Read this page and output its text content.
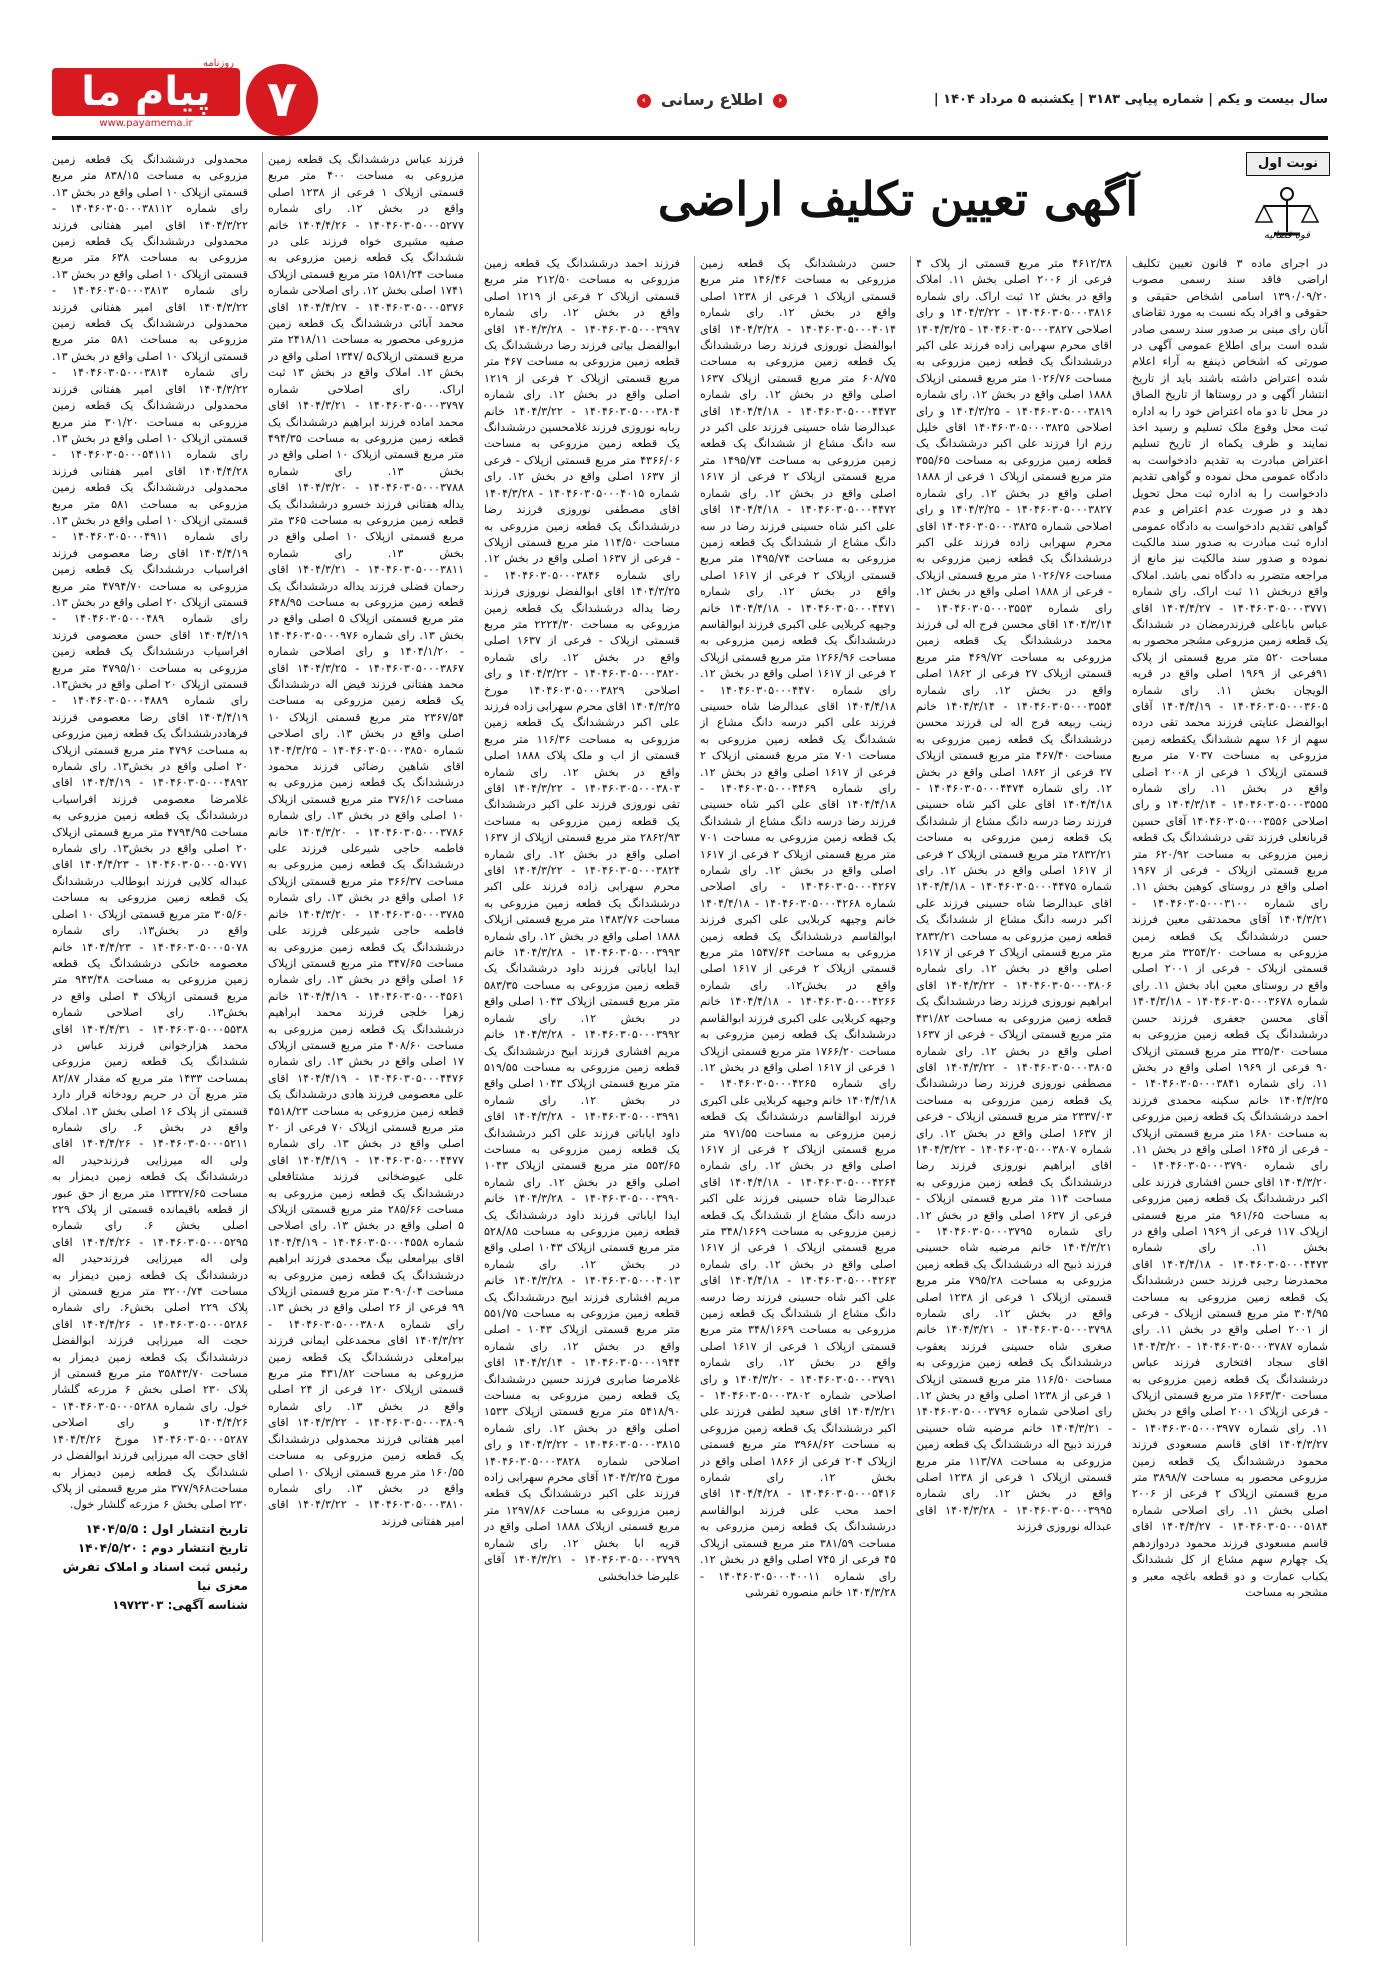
پیام ما
روزنامه
www.payamema.ir	۷	‹ اطلاع رسانی ›	سال بیست و یکم | شماره پیاپی ۳۱۸۳ | یکشنبه ۵ مرداد ۱۴۰۴ |
نوبت اول
قوه قضائیه
آگهی تعیین تکلیف اراضی

در اجرای ماده ۳ قانون تعیین تکلیف اراضی فاقد سند رسمی مصوب ۱۳۹۰/۰۹/۲۰ اسامی اشخاص حقیقی و حقوقی و افراد یکه نسبت به مورد تقاضای آنان رای مبنی بر صدور سند رسمی صادر شده است برای اطلاع عمومی آگهی در صورتی که اشخاص ذینفع به آراء اعلام شده اعتراض داشته باشند باید از تاریخ انتشار آگهی و در روستاها از تاریخ الصاق در محل تا دو ماه اعتراض خود را به اداره ثبت محل وقوع ملک تسلیم و رسید اخذ نمایند و ظرف یکماه از تاریخ تسلیم اعتراض مبادرت به تقدیم دادخواست به دادگاه عمومی محل نموده و گواهی تقدیم دادخواست را به اداره ثبت محل تحویل دهد و در صورت عدم اعتراض و عدم گواهی تقدیم دادخواست به دادگاه عمومی اداره ثبت مبادرت به صدور سند مالکیت نموده و صدور سند مالکیت نیز مانع از مراجعه متضرر به دادگاه نمی باشد. املاک واقع دربخش ۱۱ ثبت اراک. رای شماره ۱۴۰۴۶۰۳۰۵۰۰۰۳۷۷۱ - ۱۴۰۴/۴/۲۷ اقای عباس باباعلی فرزندرمضان در ششدانگ یک قطعه زمین مزروعی مشجر محصور به مساحت ۵۲۰ متر مربع قسمتی از پلاک ۹۱فرعی از ۱۹۶۹ اصلی واقع در قریه الویجان بخش ۱۱. رای شماره ۱۴۰۴۶۰۳۰۵۰۰۰۳۶۰۵ - ۱۴۰۴/۴/۱۹ آقای ابوالفضل عنایتی فرزند محمد تقی درده سهم از ۱۶ سهم ششدانگ یکقطعه زمین مزروعی به مساحت ۷۰۳۷ متر مربع قسمتی ازپلاک ۱ فرعی از ۲۰۰۸ اصلی واقع در بخش ۱۱. رای شماره ۱۴۰۴۶۰۳۰۵۰۰۰۳۵۵۵ - ۱۴۰۴/۳/۱۴ و رای اصلاحی ۱۴۰۴۶۰۳۰۵۰۰۰۳۵۵۶ آقای حسین قربانعلی فرزند تقی درششدانگ یک قطعه زمین مزروعی به مساحت ۶۲۰/۹۲ متر مربع قسمتی ازپلاک - فرعی از ۱۹۶۷ اصلی واقع در روستای کوهین بخش ۱۱. رای شماره ۱۴۰۴۶۰۳۰۵۰۰۰۳۱۰۰ - ۱۴۰۴/۳/۲۱ آقای محمدتقی معین فرزند حسن درششدانگ یک قطعه زمین مزروعی به مساحت ۳۲۵۴/۲۰ متر مربع قسمتی ازپلاک - فرعی از ۲۰۰۱ اصلی واقع در روستای معین اباد بخش ۱۱. رای شماره ۱۴۰۴۶۰۳۰۵۰۰۰۳۶۷۸ - ۱۴۰۴/۳/۱۸ آقای محسن جعفری فرزند حسن درششدانگ یک قطعه زمین مزروعی به مساحت ۳۲۵/۳۰ متر مربع قسمتی ازپلاک ۹۰ فرعی از ۱۹۶۹ اصلی واقع در بخش ۱۱. رای شماره ۱۴۰۴۶۰۳۰۵۰۰۰۳۸۴۱ - ۱۴۰۴/۳/۲۵ خانم سکینه محمدی فرزند احمد درششدانگ یک قطعه زمین مزروعی به مساحت ۱۶۸۰ متر مربع قسمتی ازپلاک - فرعی از ۱۶۴۵ اصلی واقع در بخش ۱۱. رای شماره ۱۴۰۴۶۰۳۰۵۰۰۰۳۷۹۰ - ۱۴۰۴/۳/۲۰ اقای حسن افشاری فرزند علی اکبر درششدانگ یک قطعه زمین مزروعی به مساحت ۹۶۱/۶۵ متر مربع قسمتی ازپلاک ۱۱۷ فرعی از ۱۹۶۹ اصلی واقع در بخش ۱۱. رای شماره ۱۴۰۴۶۰۳۰۵۰۰۰۴۴۷۳ - ۱۴۰۴/۴/۱۸ اقای محمدرضا رجبی فرزند حسن درششدانگ یک قطعه زمین مزروعی به مساحت ۳۰۴/۹۵ متر مربع قسمتی ازپلاک - فرعی از ۲۰۰۱ اصلی واقع در بخش ۱۱. رای شماره ۱۴۰۴۶۰۳۰۵۰۰۰۳۷۸۷ - ۱۴۰۴/۳/۲۰ اقای سجاد افتخاری فرزند عباس درششدانگ یک قطعه زمین مزروعی به مساحت ۱۶۶۳/۳۰ متر مربع قسمتی ازپلاک - فرعی ازپلاک ۲۰۰۱ اصلی واقع در بخش ۱۱. رای شماره ۱۴۰۴۶۰۳۰۵۰۰۰۳۹۷۷ - ۱۴۰۴/۳/۲۷ اقای قاسم مسعودی فرزند محمود درششدانگ یک قطعه زمین مزروعی محصور به مساحت ۳۸۹۸/۷ متر مربع قسمتی ازپلاک ۲ فرعی از ۲۰۰۶ اصلی بخش ۱۱. رای اصلاحی شماره ۱۴۰۴۶۰۳۰۵۰۰۰۵۱۸۴ - ۱۴۰۴/۴/۲۷ اقای قاسم مسعودی فرزند محمود دردوازدهم یک چهارم سهم مشاع از کل ششدانگ یکباب عمارت و دو قطعه باغچه معبر و مشجر به مساحت

۴۶۱۲/۳۸ متر مربع قسمتی از پلاک ۴ فرعی از ۲۰۰۶ اصلی بخش ۱۱. املاک واقع در بخش ۱۲ ثبت اراک. رای شماره ۱۴۰۴۶۰۳۰۵۰۰۰۳۸۱۶ - ۱۴۰۴/۳/۲۲ و رای اصلاحی ۱۴۰۴۶۰۳۰۵۰۰۰۳۸۲۷ - ۱۴۰۴/۳/۲۵ اقای محرم سهرابی زاده فرزند علی اکبر درششدانگ یک قطعه زمین مزروعی به مساحت ۱۰۲۶/۷۶ متر مربع قسمتی ازپلاک ۱۸۸۸ اصلی واقع در بخش ۱۲. رای شماره ۱۴۰۴۶۰۳۰۵۰۰۰۳۸۱۹ - ۱۴۰۴/۳/۲۵ و رای اصلاحی ۱۴۰۴۶۰۳۰۵۰۰۰۳۸۲۵ اقای خلیل رزم ارا فرزند علی اکبر درششدانگ یک قطعه زمین مزروعی به مساحت ۳۵۵/۶۵ متر مربع قسمتی ازپلاک ۱ فرعی از ۱۸۸۸ اصلی واقع در بخش ۱۲. رای شماره ۱۴۰۴۶۰۳۰۵۰۰۰۳۸۲۷ - ۱۴۰۴/۳/۲۵ و رای اصلاحی شماره ۱۴۰۴۶۰۳۰۵۰۰۰۳۸۲۵ اقای محرم سهرابی زاده فرزند علی اکبر درششدانگ یک قطعه زمین مزروعی به مساحت ۱۰۲۶/۷۶ متر مربع قسمتی ازپلاک - فرعی از ۱۸۸۸ اصلی واقع در بخش ۱۲. رای شماره ۱۴۰۴۶۰۳۰۵۰۰۰۳۵۵۳ - ۱۴۰۴/۳/۱۴ اقای محسن فرج اله لی فرزند محمد درششدانگ یک قطعه زمین مزروعی به مساحت ۴۶۹/۷۲ متر مربع قسمتی ازپلاک ۲۷ فرعی از ۱۸۶۲ اصلی واقع در بخش ۱۲. رای شماره ۱۴۰۴۶۰۳۰۵۰۰۰۳۵۵۴ - ۱۴۰۴/۳/۱۴ خانم زینب ربیعه فرج اله لی فرزند محسن درششدانگ یک قطعه زمین مزروعی به مساحت ۴۶۷/۴۰ متر مربع قسمتی ازپلاک ۲۷ فرعی از ۱۸۶۲ اصلی واقع در بخش ۱۲. رای شماره ۱۴۰۴۶۰۳۰۵۰۰۰۴۴۷۴ - ۱۴۰۴/۴/۱۸ اقای علی اکبر شاه حسینی فرزند رضا درسه دانگ مشاع از ششدانگ یک قطعه زمین مزروعی به مساحت ۲۸۳۲/۲۱ متر مربع قسمتی ازپلاک ۲ فرعی از ۱۶۱۷ اصلی واقع در بخش ۱۲. رای شماره ۱۴۰۴۶۰۳۰۵۰۰۰۴۴۷۵ - ۱۴۰۴/۴/۱۸ اقای عبدالرضا شاه حسینی فرزند علی اکبر درسه دانگ مشاع از ششدانگ یک قطعه زمین مزروعی به مساحت ۲۸۳۲/۲۱ متر مربع قسمتی ازپلاک ۲ فرعی از ۱۶۱۷ اصلی واقع در بخش ۱۲. رای شماره ۱۴۰۴۶۰۳۰۵۰۰۰۳۸۰۶ - ۱۴۰۴/۳/۲۲ اقای ابراهیم نوروزی فرزند رضا درششدانگ یک قطعه زمین مزروعی به مساحت ۴۳۱/۸۲ متر مربع قسمتی ازپلاک - فرعی از ۱۶۳۷ اصلی واقع در بخش ۱۲. رای شماره ۱۴۰۴۶۰۳۰۵۰۰۰۳۸۰۵ - ۱۴۰۴/۳/۲۲ اقای مصطفی نوروزی فرزند رضا درششدانگ یک قطعه زمین مزروعی به مساحت ۲۳۳۷/۰۳ متر مربع قسمتی ازپلاک - فرعی از ۱۶۳۷ اصلی واقع در بخش ۱۲. رای شماره ۱۴۰۴۶۰۳۰۵۰۰۰۳۸۰۷ - ۱۴۰۴/۳/۲۲ اقای ابراهیم نوروزی فرزند رضا درششدانگ یک قطعه زمین مزروعی به مساحت ۱۱۴ متر مربع قسمتی ازپلاک - فرعی از ۱۶۳۷ اصلی واقع در بخش ۱۲. رای شماره ۱۴۰۴۶۰۳۰۵۰۰۰۳۷۹۵ - ۱۴۰۴/۳/۲۱ خانم مرضیه شاه حسینی فرزند ذبیح اله درششدانگ یک قطعه زمین مزروعی به مساحت ۷۹۵/۲۸ متر مربع قسمتی ازپلاک ۱ فرعی از ۱۲۳۸ اصلی واقع در بخش ۱۲. رای شماره ۱۴۰۴۶۰۳۰۵۰۰۰۳۷۹۸ - ۱۴۰۴/۳/۲۱ خانم صغری شاه حسینی فرزند یعقوب درششدانگ یک قطعه زمین مزروعی به مساحت ۱۱۶/۵۰ متر مربع قسمتی ازپلاک ۱ فرعی از ۱۲۳۸ اصلی واقع در بخش ۱۲. رای اصلاحی شماره ۱۴۰۴۶۰۳۰۵۰۰۰۳۷۹۶ - ۱۴۰۴/۳/۲۱ خانم مرضیه شاه حسینی فرزند ذبیح اله درششدانگ یک قطعه زمین مزروعی به مساحت ۱۱۳/۷۸ متر مربع قسمتی ازپلاک ۱ فرعی از ۱۲۳۸ اصلی واقع در بخش ۱۲. رای شماره ۱۴۰۴۶۰۳۰۵۰۰۰۳۹۹۵ - ۱۴۰۴/۳/۲۸ اقای عبداله نوروزی فرزند

حسن درششدانگ یک قطعه زمین مزروعی به مساحت ۱۴۶/۴۶ متر مربع قسمتی ازپلاک ۱ فرعی از ۱۲۳۸ اصلی واقع در بخش ۱۲. رای شماره ۱۴۰۴۶۰۳۰۵۰۰۰۴۰۱۴ - ۱۴۰۴/۳/۲۸ اقای ابوالفضل نوروزی فرزند رضا درششدانگ یک قطعه زمین مزروعی به مساحت ۶۰۸/۷۵ متر مربع قسمتی ازپلاک ۱۶۳۷ اصلی واقع در بخش ۱۲. رای شماره ۱۴۰۴۶۰۳۰۵۰۰۰۴۴۷۳ - ۱۴۰۴/۴/۱۸ اقای عبدالرضا شاه حسینی فرزند علی اکبر در سه دانگ مشاع از ششدانگ یک قطعه زمین مزروعی به مساحت ۱۴۹۵/۷۴ متر مربع قسمتی ازپلاک ۲ فرعی از ۱۶۱۷ اصلی واقع در بخش ۱۲. رای شماره ۱۴۰۴۶۰۳۰۵۰۰۰۴۴۷۲ - ۱۴۰۴/۴/۱۸ اقای علی اکبر شاه حسینی فرزند رضا در سه دانگ مشاع از ششدانگ یک قطعه زمین مزروعی به مساحت ۱۴۹۵/۷۴ متر مربع قسمتی ازپلاک ۲ فرعی از ۱۶۱۷ اصلی واقع در بخش ۱۲. رای شماره ۱۴۰۴۶۰۳۰۵۰۰۰۴۴۷۱ - ۱۴۰۴/۴/۱۸ خانم وجیهه کربلایی علی اکبری فرزند ابوالقاسم درششدانگ یک قطعه زمین مزروعی به مساحت ۱۲۶۶/۹۶ متر مربع قسمتی ازپلاک ۲ فرعی از ۱۶۱۷ اصلی واقع در بخش ۱۲. رای شماره ۱۴۰۴۶۰۳۰۵۰۰۰۴۴۷۰ - ۱۴۰۴/۴/۱۸ اقای عبدالرضا شاه حسینی فرزند علی اکبر درسه دانگ مشاع از ششدانگ یک قطعه زمین مزروعی به مساحت ۷۰۱ متر مربع قسمتی ازپلاک ۲ فرعی از ۱۶۱۷ اصلی واقع در بخش ۱۲. رای شماره ۱۴۰۴۶۰۳۰۵۰۰۰۴۴۶۹ - ۱۴۰۴/۴/۱۸ اقای علی اکبر شاه حسینی فرزند رضا درسه دانگ مشاع از ششدانگ یک قطعه زمین مزروعی به مساحت ۷۰۱ متر مربع قسمتی ازپلاک ۲ فرعی از ۱۶۱۷ اصلی واقع در بخش ۱۲. رای شماره ۱۴۰۴۶۰۳۰۵۰۰۰۴۲۶۷ - رای اصلاحی شماره ۱۴۰۴۶۰۳۰۵۰۰۰۴۲۶۸ - ۱۴۰۴/۴/۱۸ خانم وجیهه کربلایی علی اکبری فرزند ابوالقاسم درششدانگ یک قطعه زمین مزروعی به مساحت ۱۵۴۷/۶۴ متر مربع قسمتی ازپلاک ۲ فرعی از ۱۶۱۷ اصلی واقع در بخش۱۲. رای شماره ۱۴۰۴۶۰۳۰۵۰۰۰۴۲۶۶ - ۱۴۰۴/۴/۱۸ خانم وجیهه کربلایی علی اکبری فرزند ابوالقاسم درششدانگ یک قطعه زمین مزروعی به مساحت ۱۷۶۶/۲۰ متر مربع قسمتی ازپلاک ۱ فرعی از ۱۶۱۷ اصلی واقع در بخش ۱۲. رای شماره ۱۴۰۴۶۰۳۰۵۰۰۰۴۲۶۵ - ۱۴۰۴/۴/۱۸ خانم وجیهه کربلایی علی اکبری فرزند ابوالقاسم درششدانگ یک قطعه زمین مزروعی به مساحت ۹۷۱/۵۵ متر مربع قسمتی ازپلاک ۲ فرعی از ۱۶۱۷ اصلی واقع در بخش ۱۲. رای شماره ۱۴۰۴۶۰۳۰۵۰۰۰۴۲۶۴ - ۱۴۰۴/۴/۱۸ اقای عبدالرضا شاه حسینی فرزند علی اکبر درسه دانگ مشاع از ششدانگ یک قطعه زمین مزروعی به مساحت ۳۴۸/۱۶۶۹ متر مربع قسمتی ازپلاک ۱ فرعی از ۱۶۱۷ اصلی واقع در بخش ۱۲. رای شماره ۱۴۰۴۶۰۳۰۵۰۰۰۴۲۶۳ - ۱۴۰۴/۴/۱۸ اقای علی اکبر شاه حسینی فرزند رضا درسه دانگ مشاع از ششدانگ یک قطعه زمین مزروعی به مساحت ۳۴۸/۱۶۶۹ متر مربع قسمتی ازپلاک ۱ فرعی از ۱۶۱۷ اصلی واقع در بخش ۱۲. رای شماره ۱۴۰۴۶۰۳۰۵۰۰۰۳۷۹۱ - ۱۴۰۴/۳/۲۰ و رای اصلاحی شماره ۱۴۰۴۶۰۳۰۵۰۰۰۳۸۰۲ - ۱۴۰۴/۳/۲۱ اقای سعید لطفی فرزند علی اکبر درششدانگ یک قطعه زمین مزروعی به مساحت ۳۹۶۸/۶۲ متر مربع قسمتی ازپلاک ۲۰۴ فرعی از ۱۸۶۶ اصلی واقع در بخش ۱۲. رای شماره ۱۴۰۴۶۰۳۰۵۰۰۰۵۴۱۶ - ۱۴۰۴/۴/۲۸ اقای احمد محب علی فرزند ابوالقاسم درششدانگ یک قطعه زمین مزروعی به مساحت ۳۸۱/۵۹ متر مربع قسمتی ازپلاک ۴۵ فرعی از ۷۴۵ اصلی واقع در بخش ۱۲. رای شماره ۱۴۰۴۶۰۳۰۵۰۰۰۴۰۰۱۱ - ۱۴۰۴/۳/۲۸ خانم منصوره تفرشی

فرزند احمد درششدانگ یک قطعه زمین مزروعی به مساحت ۲۱۲/۵۰ متر مربع قسمتی ازپلاک ۲ فرعی از ۱۲۱۹ اصلی واقع در بخش ۱۲. رای شماره ۱۴۰۴۶۰۳۰۵۰۰۰۳۹۹۷ - ۱۴۰۴/۳/۲۸ اقای ابوالفضل بیاتی فرزند رضا درششدانگ یک قطعه زمین مزروعی به مساحت ۴۶۷ متر مربع قسمتی ازپلاک ۲ فرعی از ۱۲۱۹ اصلی واقع در بخش ۱۲. رای شماره ۱۴۰۴۶۰۳۰۵۰۰۰۳۸۰۴ - ۱۴۰۴/۳/۲۲ خانم ربابه نوروزی فرزند غلامحسین درششدانگ یک قطعه زمین مزروعی به مساحت ۴۳۶۶/۰۶ متر مربع قسمتی ازپلاک - فرعی از ۱۶۳۷ اصلی واقع در بخش ۱۲. رای شماره ۱۴۰۴۶۰۳۰۵۰۰۰۴۰۱۵ - ۱۴۰۴/۳/۲۸ اقای مصطفی نوروزی فرزند رضا درششدانگ یک قطعه زمین مزروعی به مساحت ۱۱۴/۵۰ متر مربع قسمتی ازپلاک - فرعی از ۱۶۳۷ اصلی واقع در بخش ۱۲. رای شماره ۱۴۰۴۶۰۳۰۵۰۰۰۳۸۴۶ - ۱۴۰۴/۳/۲۵ اقای ابوالفضل نوروزی فرزند رضا یداله درششدانگ یک قطعه زمین مزروعی به مساحت ۲۲۲۴/۳۰ متر مربع قسمتی ازپلاک - فرعی از ۱۶۳۷ اصلی واقع در بخش ۱۲. رای شماره ۱۴۰۴۶۰۳۰۵۰۰۰۳۸۲۰ - ۱۴۰۴/۳/۲۲ و رای اصلاحی ۱۴۰۴۶۰۳۰۵۰۰۰۳۸۲۹ مورخ ۱۴۰۴/۳/۲۵ اقای محرم سهرابی زاده فرزند علی اکبر درششدانگ یک قطعه زمین مزروعی به مساحت ۱۱۶/۳۶ متر مربع قسمتی از اب و ملک پلاک ۱۸۸۸ اصلی واقع در بخش ۱۲. رای شماره ۱۴۰۴۶۰۳۰۵۰۰۰۳۸۰۳ - ۱۴۰۴/۳/۲۲ اقای تقی نوروزی فرزند علی اکبر درششدانگ یک قطعه زمین مزروعی به مساحت ۲۸۶۲/۹۳ متر مربع قسمتی ازپلاک از ۱۶۳۷ اصلی واقع در بخش ۱۲. رای شماره ۱۴۰۴۶۰۳۰۵۰۰۰۳۸۲۴ - ۱۴۰۴/۳/۲۲ اقای محرم سهرابی زاده فرزند علی اکبر درششدانگ یک قطعه زمین مزروعی به مساحت ۱۴۸۳/۷۶ متر مربع قسمتی ازپلاک ۱۸۸۸ اصلی واقع در بخش ۱۲. رای شماره ۱۴۰۴۶۰۳۰۵۰۰۰۳۹۹۳ - ۱۴۰۴/۳/۲۸ خانم ایدا ایاباتی فرزند داود درششدانگ یک قطعه زمین مزروعی به مساحت ۵۸۳/۳۵ متر مربع قسمتی ازپلاک ۱۰۴۳ اصلی واقع در بخش ۱۲. رای شماره ۱۴۰۴۶۰۳۰۵۰۰۰۳۹۹۲ - ۱۴۰۴/۳/۲۸ خانم مریم افشاری فرزند ابیح درششدانگ یک قطعه زمین مزروعی به مساحت ۵۱۹/۵۵ متر مربع قسمتی ازپلاک ۱۰۴۳ اصلی واقع در بخش ۱۲. رای شماره ۱۴۰۴۶۰۳۰۵۰۰۰۳۹۹۱ - ۱۴۰۴/۳/۲۸ اقای داود ایاباتی فرزند علی اکبر درششدانگ یک قطعه زمین مزروعی به مساحت ۵۵۳/۶۵ متر مربع قسمتی ازپلاک ۱۰۴۳ اصلی واقع در بخش ۱۲. رای شماره ۱۴۰۴۶۰۳۰۵۰۰۰۳۹۹۰ - ۱۴۰۴/۳/۲۸ خانم ایدا ایاباتی فرزند داود درششدانگ یک قطعه زمین مزروعی به مساحت ۵۲۸/۸۵ متر مربع قسمتی ازپلاک ۱۰۴۳ اصلی واقع در بخش ۱۲. رای شماره ۱۴۰۴۶۰۳۰۵۰۰۰۴۰۱۳ - ۱۴۰۴/۳/۲۸ خانم مریم افشاری فرزند ابیح درششدانگ یک قطعه زمین مزروعی به مساحت ۵۵۱/۷۵ متر مربع قسمتی ازپلاک ۱۰۴۳ - اصلی واقع در بخش ۱۲. رای شماره ۱۴۰۴۶۰۳۰۵۰۰۰۱۹۴۴ - ۱۴۰۴/۲/۱۴ اقای غلامرضا صابری فرزند حسین درششدانگ یک قطعه زمین مزروعی به مساحت ۵۴۱۸/۹۰ متر مربع قسمتی ازپلاک ۱۵۳۳ اصلی واقع در بخش ۱۲. رای شماره ۱۴۰۴۶۰۳۰۵۰۰۰۳۸۱۵ - ۱۴۰۴/۳/۲۲ و رای اصلاحی شماره ۱۴۰۴۶۰۳۰۵۰۰۰۳۸۲۸ مورخ ۱۴۰۴/۳/۲۵ آقای محرم سهرابی زاده فرزند علی اکبر درششدانگ یک قطعه زمین مزروعی به مساحت ۱۲۹۷/۸۶ متر مربع قسمتی ازپلاک ۱۸۸۸ اصلی واقع در قریه ابا بخش ۱۲. رای شماره ۱۴۰۴۶۰۳۰۵۰۰۰۳۷۹۹ - ۱۴۰۴/۳/۲۱ آقای علیرضا خدابخشی

فرزند عباس درششدانگ یک قطعه زمین مزروعی به مساحت ۴۰۰ متر مربع قسمتی ازپلاک ۱ فرعی از ۱۲۳۸ اصلی واقع در بخش ۱۲. رای شماره ۱۴۰۴۶۰۳۰۵۰۰۰۵۲۷۷ - ۱۴۰۴/۴/۲۶ خانم صفیه مشیری خواه فرزند علی در ششدانگ یک قطعه زمین مزروعی به مساحت ۱۵۸۱/۲۴ متر مربع قسمتی ازپلاک ۱۷۴۱ اصلی بخش ۱۲. رای اصلاحی شماره ۱۴۰۴۶۰۳۰۵۰۰۰۵۳۷۶ - ۱۴۰۴/۴/۲۷ اقای محمد آبائی درششدانگ یک قطعه زمین مزروعی محصور به مساحت ۲۴۱۸/۱۱ متر مربع قسمتی ازپلاک۵ /۱۳۴۷ اصلی واقع در بخش ۱۲. املاک واقع در بخش ۱۳ ثبت اراک. رای اصلاحی شماره ۱۴۰۴۶۰۳۰۵۰۰۰۳۷۹۷ - ۱۴۰۴/۳/۲۱ اقای محمد اماده فرزند ابراهیم درششدانگ یک قطعه زمین مزروعی به مساحت ۴۹۴/۳۵ متر مربع قسمتی ازپلاک ۱۰ اصلی واقع در بخش ۱۳. رای شماره ۱۴۰۴۶۰۳۰۵۰۰۰۳۷۸۸ - ۱۴۰۴/۳/۲۰ اقای یداله هفتانی فرزند خسرو درششدانگ یک قطعه زمین مزروعی به مساحت ۳۶۵ متر مربع قسمتی ازپلاک ۱۰ اصلی واقع در بخش ۱۳. رای شماره ۱۴۰۴۶۰۳۰۵۰۰۰۳۸۱۱ - ۱۴۰۴/۳/۲۱ اقای رحمان فضلی فرزند یداله درششدانگ یک قطعه زمین مزروعی به مساحت ۶۴۸/۹۵ متر مربع قسمتی ازپلاک ۵ اصلی واقع در بخش ۱۳. رای شماره ۱۴۰۴۶۰۳۰۵۰۰۰۹۷۶ - ۱۴۰۴/۱/۲۰ و رای اصلاحی شماره ۱۴۰۴۶۰۳۰۵۰۰۰۳۸۶۷ - ۱۴۰۴/۳/۲۵ اقای محمد هفتانی فرزند فیض اله درششدانگ یک قطعه زمین مزروعی به مساحت ۲۳۶۷/۵۴ متر مربع قسمتی ازپلاک ۱۰ اصلی واقع در بخش ۱۳. رای اصلاحی شماره ۱۴۰۴۶۰۳۰۵۰۰۰۳۸۵۰ - ۱۴۰۴/۳/۲۵ اقای شاهین رضائی فرزند محمود درششدانگ یک قطعه زمین مزروعی به مساحت ۳۷۶/۱۶ متر مربع قسمتی ازپلاک ۱۰ اصلی واقع در بخش ۱۳. رای شماره ۱۴۰۴۶۰۳۰۵۰۰۰۳۷۸۶ - ۱۴۰۴/۳/۲۰ خانم فاطمه حاجی شیرعلی فرزند علی درششدانگ یک قطعه زمین مزروعی به مساحت ۳۶۶/۳۷ متر مربع قسمتی ازپلاک ۱۶ اصلی واقع در بخش ۱۳. رای شماره ۱۴۰۴۶۰۳۰۵۰۰۰۳۷۸۵ - ۱۴۰۴/۳/۲۰ خانم فاطمه حاجی شیرعلی فرزند علی درششدانگ یک قطعه زمین مزروعی به مساحت ۳۴۷/۶۵ متر مربع قسمتی ازپلاک ۱۶ اصلی واقع در بخش ۱۳. رای شماره ۱۴۰۴۶۰۳۰۵۰۰۰۴۵۶۱ - ۱۴۰۴/۴/۱۹ خانم زهرا خلجی فرزند محمد ابراهیم درششدانگ یک قطعه زمین مزروعی به مساحت ۴۰۸/۶۰ متر مربع قسمتی ازپلاک ۱۷ اصلی واقع در بخش ۱۳. رای شماره ۱۴۰۴۶۰۳۰۵۰۰۰۴۴۷۶ - ۱۴۰۴/۴/۱۹ اقای علی معصومی فرزند هادی درششدانگ یک قطعه زمین مزروعی به مساحت ۴۵۱۸/۲۳ متر مربع قسمتی ازپلاک ۷۰ فرعی از ۲۰ اصلی واقع در بخش ۱۳. رای شماره ۱۴۰۴۶۰۳۰۵۰۰۰۴۴۷۷ - ۱۴۰۴/۴/۱۹ اقای علی عیوضخانی فرزند مشتاقعلی درششدانگ یک قطعه زمین مزروعی به مساحت ۲۸۵/۶۶ متر مربع قسمتی ازپلاک ۵ اصلی واقع در بخش ۱۳. رای اصلاحی شماره ۱۴۰۴۶۰۳۰۵۰۰۰۴۵۵۸ - ۱۴۰۴/۴/۱۹ اقای بیرامعلی بیگ محمدی فرزند ابراهیم درششدانگ یک قطعه زمین مزروعی به مساحت ۳۰۹۰/۰۴ متر مربع قسمتی ازپلاک ۹۹ فرعی از ۲۶ اصلی واقع در بخش ۱۳. رای شماره ۱۴۰۴۶۰۳۰۵۰۰۰۳۸۰۸ - ۱۴۰۴/۳/۲۲ اقای محمدعلی ایمانی فرزند بیرامعلی درششدانگ یک قطعه زمین مزروعی به مساحت ۴۳۱/۸۲ متر مربع قسمتی ازپلاک ۱۲۰ فرعی از ۲۴ اصلی واقع در بخش ۱۳. رای شماره ۱۴۰۴۶۰۳۰۵۰۰۰۳۸۰۹ - ۱۴۰۴/۳/۲۲ اقای امیر هفتانی فرزند محمدولی درششدانگ یک قطعه زمین مزروعی به مساحت ۱۶۰/۵۵ متر مربع قسمتی ازپلاک ۱۰ اصلی واقع در بخش ۱۳. رای شماره ۱۴۰۴۶۰۳۰۵۰۰۰۳۸۱۰ - ۱۴۰۴/۳/۲۲ اقای امیر هفتانی فرزند

محمدولی درششدانگ یک قطعه زمین مزروعی به مساحت ۸۳۸/۱۵ متر مربع قسمتی ازپلاک ۱۰ اصلی واقع در بخش ۱۳. رای شماره ۱۴۰۴۶۰۳۰۵۰۰۰۳۸۱۱۲ - ۱۴۰۴/۳/۲۲ اقای امیر هفتانی فرزند محمدولی درششدانگ یک قطعه زمین مزروعی به مساحت ۶۳۸ متر مربع قسمتی ازپلاک ۱۰ اصلی واقع در بخش ۱۳. رای شماره ۱۴۰۴۶۰۳۰۵۰۰۰۳۸۱۳ - ۱۴۰۴/۳/۲۲ اقای امیر هفتانی فرزند محمدولی درششدانگ یک قطعه زمین مزروعی به مساحت ۵۸۱ متر مربع قسمتی ازپلاک ۱۰ اصلی واقع در بخش ۱۳. رای شماره ۱۴۰۴۶۰۳۰۵۰۰۰۳۸۱۴ - ۱۴۰۴/۳/۲۲ اقای امیر هفتانی فرزند محمدولی درششدانگ یک قطعه زمین مزروعی به مساحت ۳۰۱/۲۰ متر مربع قسمتی ازپلاک ۱۰ اصلی واقع در بخش ۱۳. رای شماره ۱۴۰۴۶۰۳۰۵۰۰۰۵۴۱۱۱ - ۱۴۰۴/۴/۲۸ اقای امیر هفتانی فرزند محمدولی درششدانگ یک قطعه زمین مزروعی به مساحت ۵۸۱ متر مربع قسمتی ازپلاک ۱۰ اصلی واقع در بخش ۱۳. رای شماره ۱۴۰۴۶۰۳۰۵۰۰۰۴۹۱۱ - ۱۴۰۴/۴/۱۹ اقای رضا معصومی فرزند افراسیاب درششدانگ یک قطعه زمین مزروعی به مساحت ۴۷۹۴/۷۰ متر مربع قسمتی ازپلاک ۲۰ اصلی واقع در بخش ۱۳. رای شماره ۱۴۰۴۶۰۳۰۵۰۰۰۴۸۹ - ۱۴۰۴/۴/۱۹ اقای حسن معصومی فرزند افراسیاب درششدانگ یک قطعه زمین مزروعی به مساحت ۴۷۹۵/۱۰ متر مربع قسمتی ازپلاک ۲۰ اصلی واقع در بخش۱۳. رای شماره ۱۴۰۴۶۰۳۰۵۰۰۰۴۸۸۹ - ۱۴۰۴/۴/۱۹ اقای رضا معصومی فرزند فرهاددرششدانگ یک قطعه زمین مزروعی به مساحت ۴۷۹۶ متر مربع قسمتی ازپلاک ۲۰ اصلی واقع در بخش۱۳. رای شماره ۱۴۰۴۶۰۳۰۵۰۰۰۴۸۹۲ - ۱۴۰۴/۴/۱۹ اقای غلامرضا معصومی فرزند افراسیاب درششدانگ یک قطعه زمین مزروعی به مساحت ۴۷۹۴/۹۵ متر مربع قسمتی ازپلاک ۲۰ اصلی واقع در بخش۱۳. رای شماره ۱۴۰۴۶۰۳۰۵۰۰۰۵۰۷۷۱ - ۱۴۰۴/۴/۲۳ اقای عبداله کلایی فرزند ابوطالب درششدانگ یک قطعه زمین مزروعی به مساحت ۳۰۵/۶۰ متر مربع قسمتی ازپلاک ۱۰ اصلی واقع در بخش۱۳. رای شماره ۱۴۰۴۶۰۳۰۵۰۰۰۵۰۷۸ - ۱۴۰۴/۴/۲۳ خانم معصومه خانکی درششدانگ یک قطعه زمین مزروعی به مساحت ۹۴۳/۴۸ متر مربع قسمتی ازپلاک ۴ اصلی واقع در بخش۱۳. رای اصلاحی شماره ۱۴۰۴۶۰۳۰۵۰۰۰۵۵۳۸ - ۱۴۰۴/۴/۳۱ اقای محمد هزارخوانی فرزند عباس در ششدانگ یک قطعه زمین مزروعی بمساحت ۱۴۳۳ متر مربع که مقدار ۸۲/۸۷ متر مربع آن در حریم رودخانه قرار دارد قسمتی از پلاک ۱۶ اصلی بخش ۱۳. املاک واقع در بخش ۶. رای شماره ۱۴۰۴۶۰۳۰۵۰۰۰۵۲۱۱ - ۱۴۰۴/۴/۲۶ اقای ولی اله میرزایی فرزندحیدر اله درششدانگ یک قطعه زمین دیمزار به مساحت ۱۳۳۲۷/۶۵ متر مربع از حق عبور از قطعه باقیمانده قسمتی از پلاک ۲۲۹ اصلی بخش ۶. رای شماره ۱۴۰۴۶۰۳۰۵۰۰۰۵۲۹۵ - ۱۴۰۴/۴/۲۶ اقای ولی اله میرزایی فرزندحیدر اله درششدانگ یک قطعه زمین دیمزار به مساحت ۳۲۰۰/۷۴ متر مربع قسمتی از پلاک ۲۲۹ اصلی بخش۶. رای شماره ۱۴۰۴۶۰۳۰۵۰۰۰۵۲۸۶ - ۱۴۰۴/۴/۲۶ اقای حجت اله میرزایی فرزند ابوالفضل درششدانگ یک قطعه زمین دیمزار به مساحت ۳۵۸۴۳/۷۰ متر مربع قسمتی از پلاک ۲۳۰ اصلی بخش ۶ مزرعه گلشار خول. رای شماره ۱۴۰۴۶۰۳۰۵۰۰۰۵۲۸۸ - ۱۴۰۴/۴/۲۶ و رای اصلاحی ۱۴۰۴۶۰۳۰۵۰۰۰۵۲۸۷ مورخ ۱۴۰۴/۴/۲۶ اقای حجت اله میرزایی فرزند ابوالفضل در ششدانگ یک قطعه زمین دیمزار به مساحت۳۷۷/۹۶۸ متر مربع قسمتی از پلاک ۲۳۰ اصلی بخش ۶ مزرعه گلشار خول.

تاریخ انتشار اول : ۱۴۰۴/۵/۵
تاریخ انتشار دوم : ۱۴۰۴/۵/۲۰
رئیس ثبت اسناد و املاک تفرش
معزی نیا
شناسه آگهی: ۱۹۷۲۳۰۳
